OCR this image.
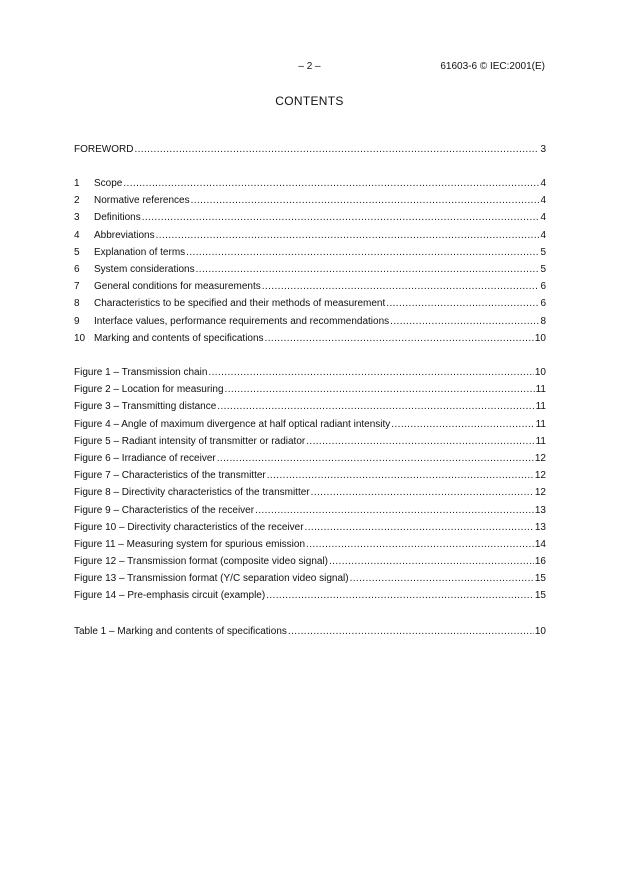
– 2 –	61603-6 © IEC:2001(E)
CONTENTS
FOREWORD .....	3
1	Scope .....	4
2	Normative references .....	4
3	Definitions .....	4
4	Abbreviations .....	4
5	Explanation of terms .....	5
6	System considerations .....	5
7	General conditions for measurements .....	6
8	Characteristics to be specified and their methods of measurement .....	6
9	Interface values, performance requirements and recommendations .....	8
10 Marking and contents of specifications .....	10
Figure 1 – Transmission chain .....	10
Figure 2 – Location for measuring .....	11
Figure 3 – Transmitting distance .....	11
Figure 4 – Angle of maximum divergence at half optical radiant intensity .....	11
Figure 5 – Radiant intensity of transmitter or radiator .....	11
Figure 6 – Irradiance of receiver .....	12
Figure 7 – Characteristics of the transmitter .....	12
Figure 8 – Directivity characteristics of the transmitter .....	12
Figure 9 – Characteristics of the receiver .....	13
Figure 10 – Directivity characteristics of the receiver .....	13
Figure 11 – Measuring system for spurious emission .....	14
Figure 12 – Transmission format (composite video signal) .....	16
Figure 13 – Transmission format (Y/C separation video signal) .....	15
Figure 14 – Pre-emphasis circuit (example) .....	15
Table 1 – Marking and contents of specifications .....	10
